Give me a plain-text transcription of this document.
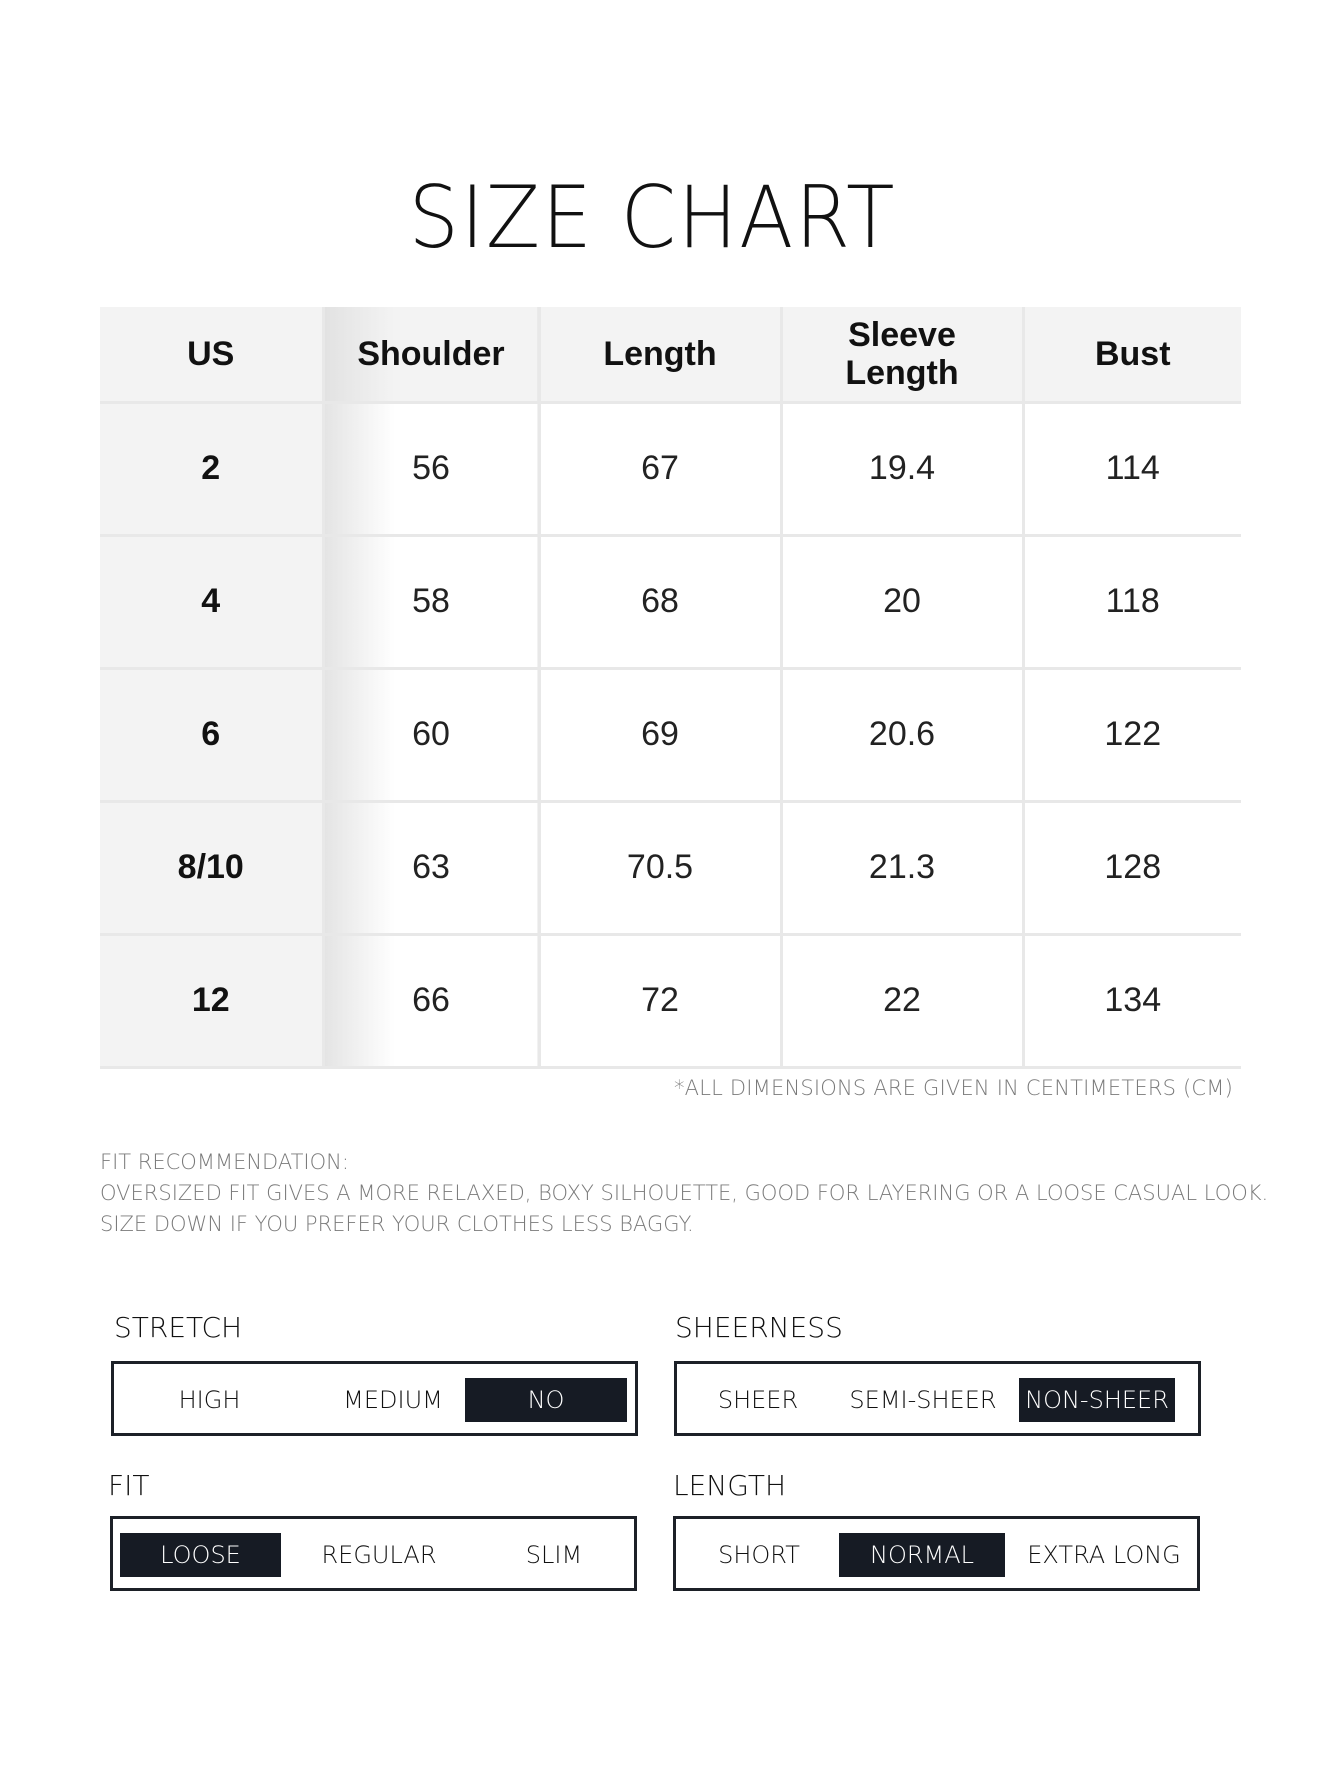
SIZE CHART
US	Shoulder	Length	Sleeve Length	Bust
2	56	67	19.4	114
4	58	68	20	118
6	60	69	20.6	122
8/10	63	70.5	21.3	128
12	66	72	22	134
*ALL DIMENSIONS ARE GIVEN IN CENTIMETERS (CM)
FIT RECOMMENDATION:
OVERSIZED FIT GIVES A MORE RELAXED, BOXY SILHOUETTE, GOOD FOR LAYERING OR A LOOSE CASUAL LOOK.
SIZE DOWN IF YOU PREFER YOUR CLOTHES LESS BAGGY.
STRETCH
HIGH	MEDIUM	NO
SHEERNESS
SHEER	SEMI-SHEER	NON-SHEER
FIT
LOOSE	REGULAR	SLIM
LENGTH
SHORT	NORMAL	EXTRA LONG
